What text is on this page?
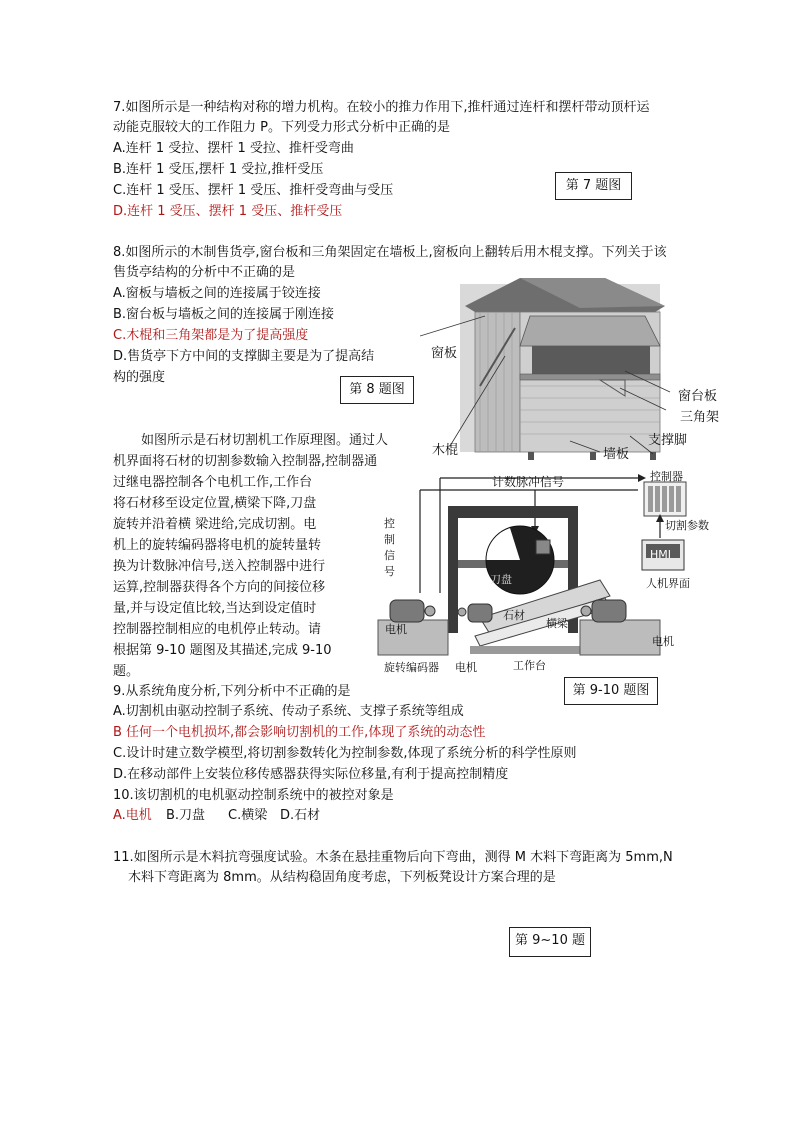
7.如图所示是一种结构对称的增力机构。在较小的推力作用下,推杆通过连杆和摆杆带动顶杆运
动能克服较大的工作阻力 P。下列受力形式分析中正确的是
A.连杆 1 受拉、摆杆 1 受拉、推杆受弯曲
B.连杆 1 受压,摆杆 1 受拉,推杆受压
C.连杆 1 受压、摆杆 1 受压、推杆受弯曲与受压
D.连杆 1 受压、摆杆 1 受压、推杆受压
第 7 题图
8.如图所示的木制售货亭,窗台板和三角架固定在墙板上,窗板向上翻转后用木棍支撑。下列关于该
售货亭结构的分析中不正确的是
A.窗板与墙板之间的连接属于铰连接
B.窗台板与墙板之间的连接属于刚连接
C.木棍和三角架都是为了提高强度
D.售货亭下方中间的支撑脚主要是为了提高结
构的强度
第 8 题图
窗板
窗台板
三角架
木棍	墙板
支撑脚
如图所示是石材切割机工作原理图。通过人
机界面将石材的切割参数输入控制器,控制器通
过继电器控制各个电机工作,工作台
将石材移至设定位置,横梁下降,刀盘
旋转并沿着横 梁进给,完成切割。电
机上的旋转编码器将电机的旋转量转
换为计数脉冲信号,送入控制器中进行
运算,控制器获得各个方向的间接位移
量,并与设定值比较,当达到设定值时
控制器控制相应的电机停止转动。请
根据第 9-10 题图及其描述,完成 9-10
题。
计数脉冲信号	控制器
切割参数
HMI
人机界面
控
制
信
号
刀盘
石材
横梁
电机
电机
旋转编码器 电机	工作台
第 9-10 题图
9.从系统角度分析,下列分析中不正确的是
A.切割机由驱动控制子系统、传动子系统、支撑子系统等组成
B 任何一个电机损坏,都会影响切割机的工作,体现了系统的动态性
C.设计时建立数学模型,将切割参数转化为控制参数,体现了系统分析的科学性原则
D.在移动部件上安装位移传感器获得实际位移量,有利于提高控制精度
10.该切割机的电机驱动控制系统中的被控对象是
A.电机 B.刀盘 C.横梁 D.石材
11.如图所示是木料抗弯强度试验。木条在悬挂重物后向下弯曲，测得 M 木料下弯距离为 5mm,N
木料下弯距离为 8mm。从结构稳固角度考虑，下列板凳设计方案合理的是
第 9~10 题
